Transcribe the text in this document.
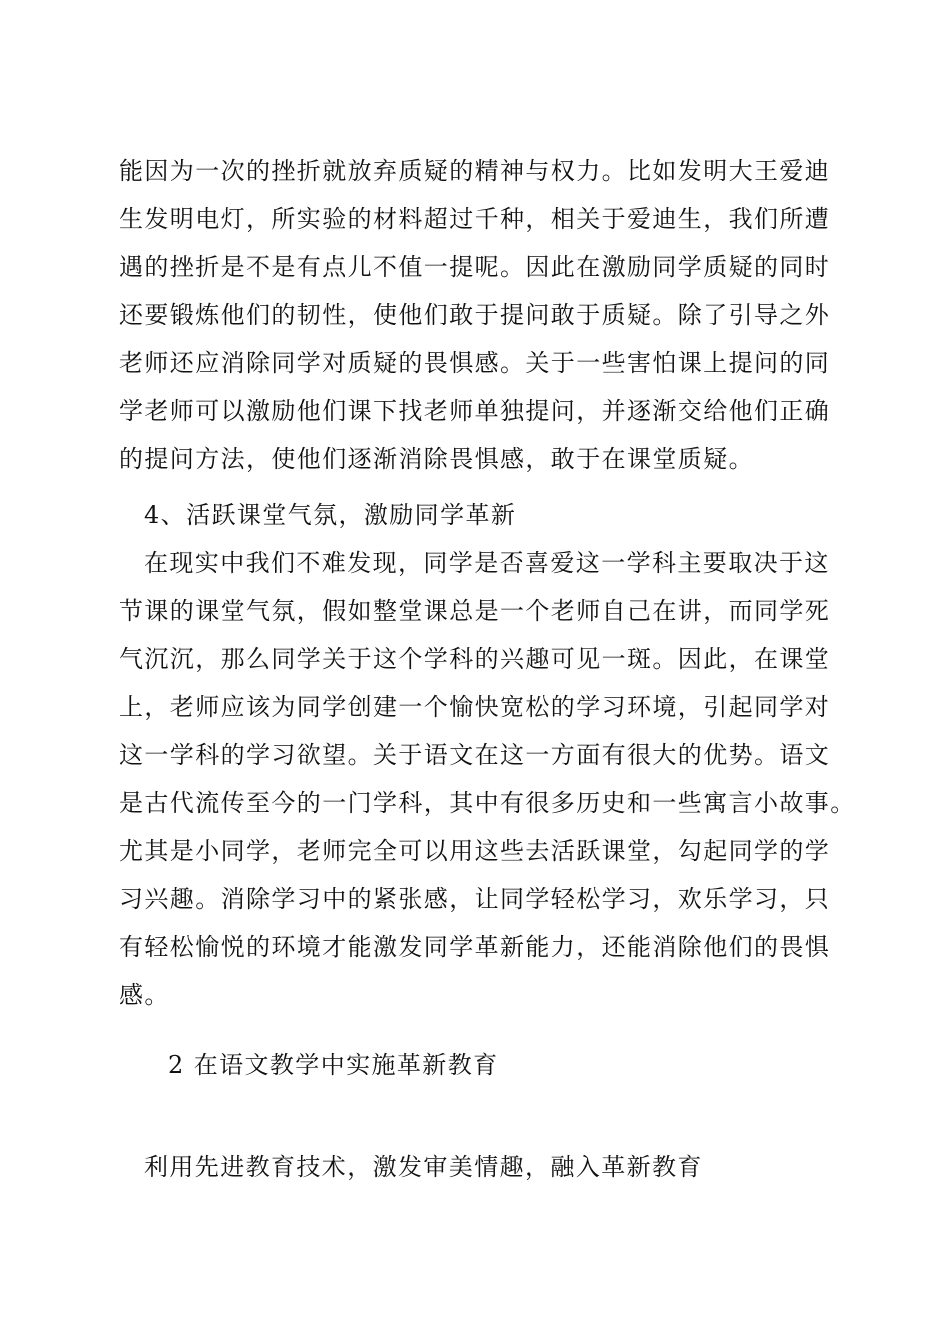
能因为一次的挫折就放弃质疑的精神与权力。比如发明大王爱迪
生发明电灯，所实验的材料超过千种，相关于爱迪生，我们所遭
遇的挫折是不是有点儿不值一提呢。因此在激励同学质疑的同时
还要锻炼他们的韧性，使他们敢于提问敢于质疑。除了引导之外
老师还应消除同学对质疑的畏惧感。关于一些害怕课上提问的同
学老师可以激励他们课下找老师单独提问，并逐渐交给他们正确
的提问方法，使他们逐渐消除畏惧感，敢于在课堂质疑。
4、活跃课堂气氛，激励同学革新
在现实中我们不难发现，同学是否喜爱这一学科主要取决于这
节课的课堂气氛，假如整堂课总是一个老师自己在讲，而同学死
气沉沉，那么同学关于这个学科的兴趣可见一斑。因此，在课堂
上，老师应该为同学创建一个愉快宽松的学习环境，引起同学对
这一学科的学习欲望。关于语文在这一方面有很大的优势。语文
是古代流传至今的一门学科，其中有很多历史和一些寓言小故事。
尤其是小同学，老师完全可以用这些去活跃课堂，勾起同学的学
习兴趣。消除学习中的紧张感，让同学轻松学习，欢乐学习，只
有轻松愉悦的环境才能激发同学革新能力，还能消除他们的畏惧
感。
2 在语文教学中实施革新教育
利用先进教育技术，激发审美情趣，融入革新教育
